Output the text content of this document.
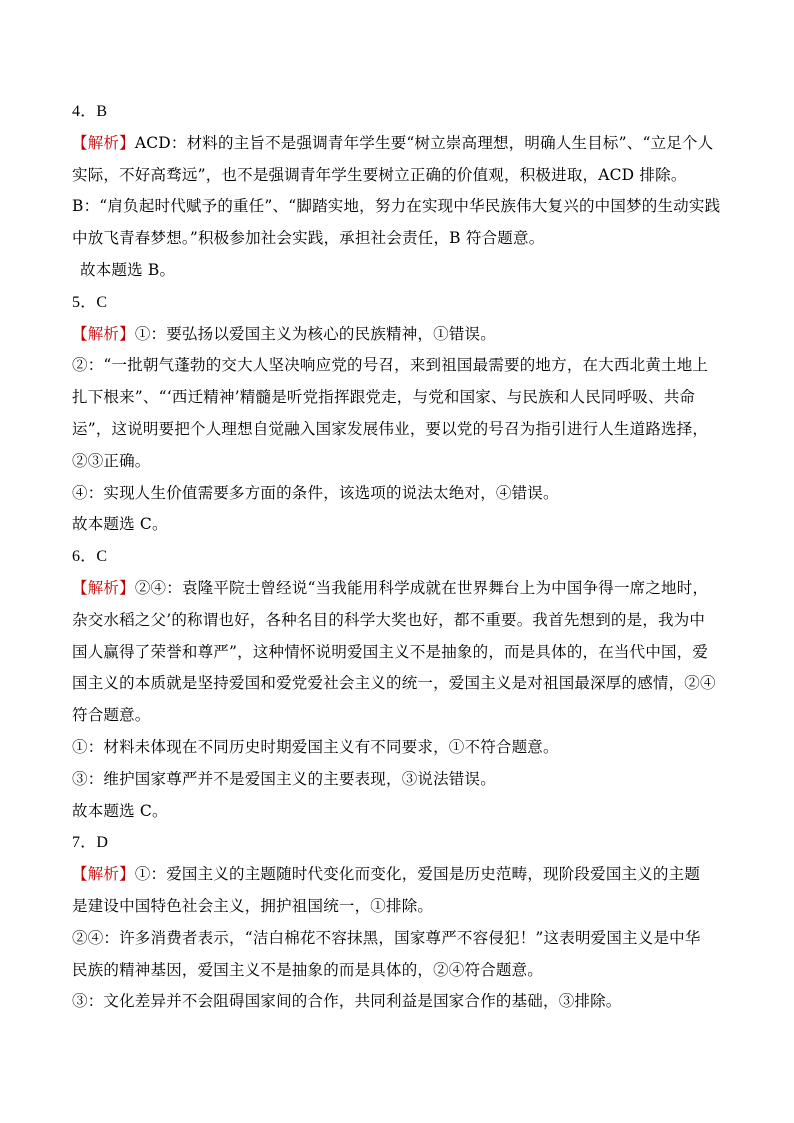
4．B
【解析】ACD：材料的主旨不是强调青年学生要“树立崇高理想，明确人生目标”、“立足个人
实际，不好高骛远”，也不是强调青年学生要树立正确的价值观，积极进取，ACD 排除。
B：“肩负起时代赋予的重任”、“脚踏实地，努力在实现中华民族伟大复兴的中国梦的生动实践
中放飞青春梦想。”积极参加社会实践，承担社会责任，B 符合题意。
故本题选 B。
5．C
【解析】①：要弘扬以爱国主义为核心的民族精神，①错误。
②：“一批朝气蓬勃的交大人坚决响应党的号召，来到祖国最需要的地方，在大西北黄土地上
扎下根来”、“‘西迁精神’精髓是听党指挥跟党走，与党和国家、与民族和人民同呼吸、共命
运”，这说明要把个人理想自觉融入国家发展伟业，要以党的号召为指引进行人生道路选择，
②③正确。
④：实现人生价值需要多方面的条件，该选项的说法太绝对，④错误。
故本题选 C。
6．C
【解析】②④：袁隆平院士曾经说“当我能用科学成就在世界舞台上为中国争得一席之地时，
杂交水稻之父’的称谓也好，各种名目的科学大奖也好，都不重要。我首先想到的是，我为中
国人赢得了荣誉和尊严”，这种情怀说明爱国主义不是抽象的，而是具体的，在当代中国，爱
国主义的本质就是坚持爱国和爱党爱社会主义的统一，爱国主义是对祖国最深厚的感情，②④
符合题意。
①：材料未体现在不同历史时期爱国主义有不同要求，①不符合题意。
③：维护国家尊严并不是爱国主义的主要表现，③说法错误。
故本题选 C。
7．D
【解析】①：爱国主义的主题随时代变化而变化，爱国是历史范畴，现阶段爱国主义的主题
是建设中国特色社会主义，拥护祖国统一，①排除。
②④：许多消费者表示，“洁白棉花不容抹黑，国家尊严不容侵犯！”这表明爱国主义是中华
民族的精神基因，爱国主义不是抽象的而是具体的，②④符合题意。
③：文化差异并不会阻碍国家间的合作，共同利益是国家合作的基础，③排除。
